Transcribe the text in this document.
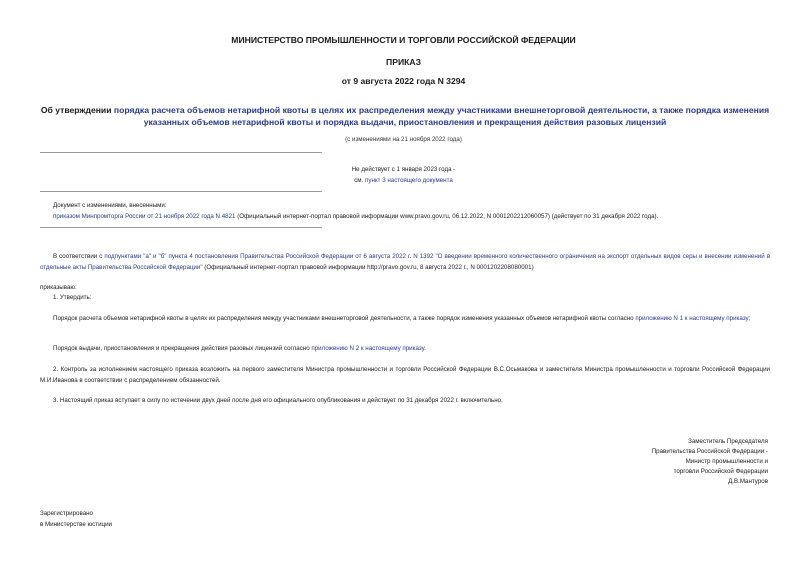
МИНИСТЕРСТВО ПРОМЫШЛЕННОСТИ И ТОРГОВЛИ РОССИЙСКОЙ ФЕДЕРАЦИИ
ПРИКАЗ
от 9 августа 2022 года N 3294
Об утверждении порядка расчета объемов нетарифной квоты в целях их распределения между участниками внешнеторговой деятельности, а также порядка изменения указанных объемов нетарифной квоты и порядка выдачи, приостановления и прекращения действия разовых лицензий
(с изменениями на 21 ноября 2022 года)
Не действует с 1 января 2023 года -
см. пункт 3 настоящего документа
Документ с изменениями, внесенными:
приказом Минпромторга России от 21 ноября 2022 года N 4821 (Официальный интернет-портал правовой информации www.pravo.gov.ru, 06.12.2022, N 0001202212060057) (действует по 31 декабря 2022 года).
В соответствии с подпунктами "а" и "б" пункта 4 постановления Правительства Российской Федерации от 6 августа 2022 г. N 1392 "О введении временного количественного ограничения на экспорт отдельных видов серы и внесении изменений в отдельные акты Правительства Российской Федерации" (Официальный интернет-портал правовой информации http://pravo.gov.ru, 8 августа 2022 г., N 0001202208080001)
приказываю:
1. Утвердить:
Порядок расчета объемов нетарифной квоты в целях их распределения между участниками внешнеторговой деятельности, а также порядок изменения указанных объемов нетарифной квоты согласно приложению N 1 к настоящему приказу;
Порядок выдачи, приостановления и прекращения действия разовых лицензий согласно приложению N 2 к настоящему приказу.
2. Контроль за исполнением настоящего приказа возложить на первого заместителя Министра промышленности и торговли Российской Федерации В.С.Осьмакова и заместителя Министра промышленности и торговли Российской Федерации М.И.Иванова в соответствии с распределением обязанностей.
3. Настоящий приказ вступает в силу по истечении двух дней после дня его официального опубликования и действует по 31 декабря 2022 г. включительно.
Заместитель Председателя
Правительства Российской Федерации -
Министр промышленности и
торговли Российской Федерации
Д.В.Мантуров
Зарегистрировано
в Министерстве юстиции
